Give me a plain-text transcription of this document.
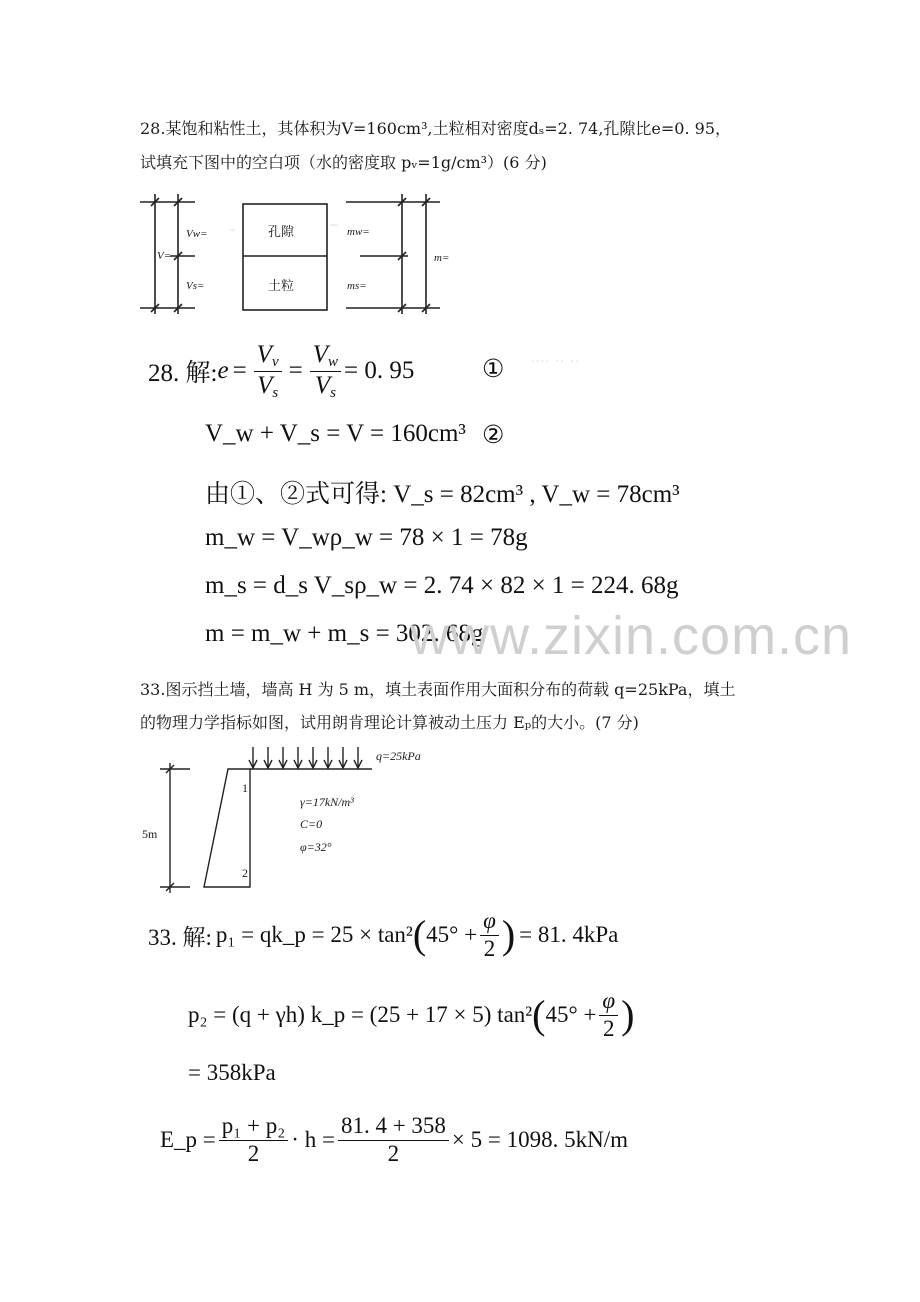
28.某饱和粘性土，其体积为V=160cm³,土粒相对密度dₛ=2. 74,孔隙比e=0. 95，
试填充下图中的空白项（水的密度取 pᵥ=1g/cm³）(6 分)
Vw=
Vs=
V=
孔隙
土粒
mw=
ms=
m=
‥‥ ‥ ‥
28. 解: $e = \frac{V_v}{V_s} = \frac{V_w}{V_s} = 0$. 95	①
V_w + V_s = V = 160cm³ ②
由①、②式可得: V_s = 82cm³ , V_w = 78cm³
m_w = V_wρ_w = 78 × 1 = 78g
m_s = d_s V_sρ_w = 2. 74 × 82 × 1 = 224. 68g
m = m_w + m_s = 302. 68g
www.zixin.com.cn
33.图示挡土墙，墙高 H 为 5 m，填土表面作用大面积分布的荷载 q=25kPa，填土
的物理力学指标如图，试用朗肯理论计算被动土压力 Eₚ的大小。(7 分)
q=25kPa
γ=17kN/m³
C=0
φ=32°
5m
1
2
33. 解: p₁ = qk_p = 25 × tan² ( $45^\circ + \frac{\varphi}{2}$ ) = 81. 4kPa
p₂ = (q + γh) k_p = (25 + 17 × 5) tan² ( $45^\circ + \frac{\varphi}{2}$ )
= 358kPa
E_p = $\frac{\text{p₁ + p₂}}{2} \cdot h = \frac{81. 4 + 358}{2} \times 5 = 1098$. 5kN/m
